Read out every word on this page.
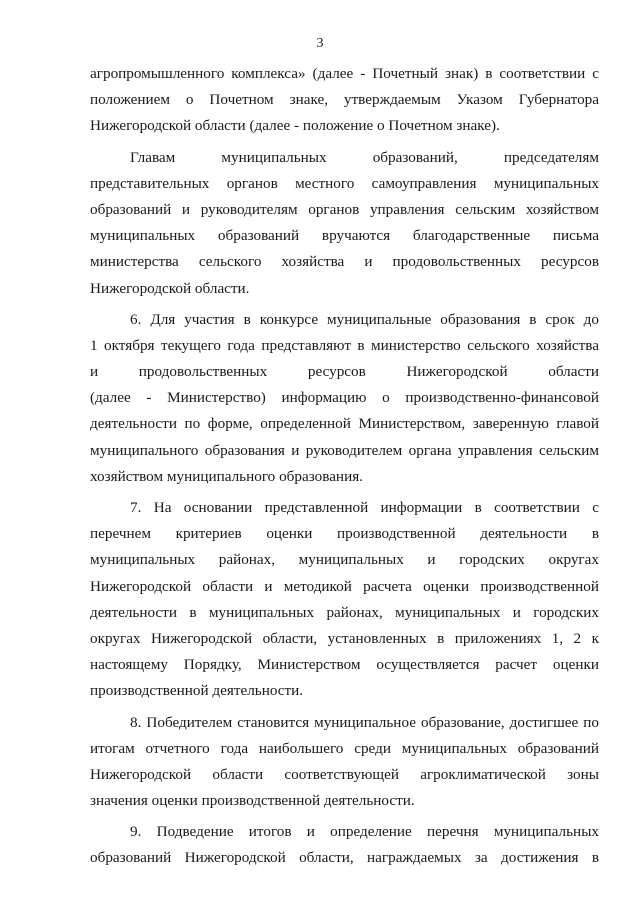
3
агропромышленного комплекса» (далее - Почетный знак) в соответствии с
положением о Почетном знаке, утверждаемым Указом Губернатора
Нижегородской области (далее - положение о Почетном знаке).
Главам муниципальных образований, председателям
представительных органов местного самоуправления муниципальных
образований и руководителям органов управления сельским хозяйством
муниципальных образований вручаются благодарственные письма
министерства сельского хозяйства и продовольственных ресурсов
Нижегородской области.
6. Для участия в конкурсе муниципальные образования в срок до
1 октября текущего года представляют в министерство сельского хозяйства
и продовольственных ресурсов Нижегородской области
(далее - Министерство) информацию о производственно-финансовой
деятельности по форме, определенной Министерством, заверенную главой
муниципального образования и руководителем органа управления сельским
хозяйством муниципального образования.
7. На основании представленной информации в соответствии с
перечнем критериев оценки производственной деятельности в
муниципальных районах, муниципальных и городских округах
Нижегородской области и методикой расчета оценки производственной
деятельности в муниципальных районах, муниципальных и городских
округах Нижегородской области, установленных в приложениях 1, 2 к
настоящему Порядку, Министерством осуществляется расчет оценки
производственной деятельности.
8. Победителем становится муниципальное образование, достигшее по
итогам отчетного года наибольшего среди муниципальных образований
Нижегородской области соответствующей агроклиматической зоны
значения оценки производственной деятельности.
9. Подведение итогов и определение перечня муниципальных
образований Нижегородской области, награждаемых за достижения в
